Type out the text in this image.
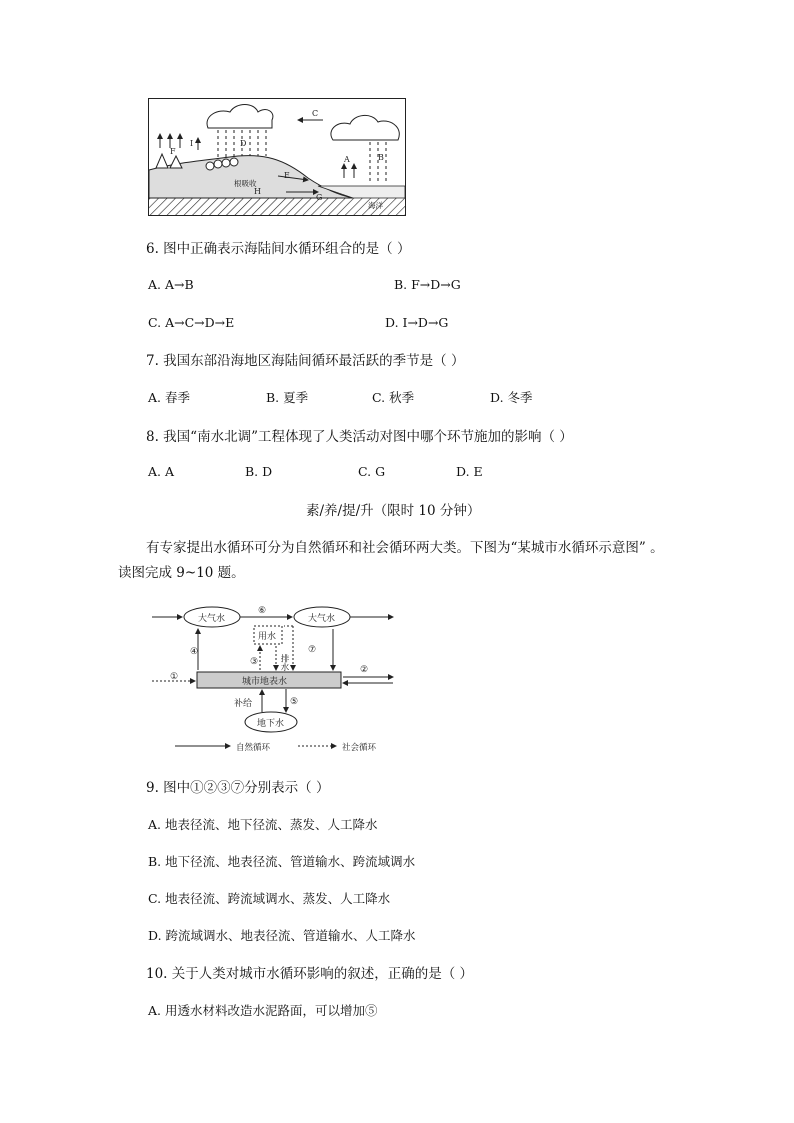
C
F
I	D
A	B
E
H
G
根吸收
海洋
6. 图中正确表示海陆间水循环组合的是（ ）
A. A→B	B. F→D→G
C. A→C→D→E	D. I→D→G
7. 我国东部沿海地区海陆间循环最活跃的季节是（ ）
A. 春季	B. 夏季	C. 秋季	D. 冬季
8. 我国“南水北调”工程体现了人类活动对图中哪个环节施加的影响（ ）
A. A	B. D	C. G	D. E
素/养/提/升（限时 10 分钟）
有专家提出水循环可分为自然循环和社会循环两大类。下图为“某城市水循环示意图” 。
读图完成 9~10 题。
大气水	大气水
用水
排水
城市地表水
地下水
补给
①
②
③
④
⑤
⑥
⑦
自然循环	社会循环
9. 图中①②③⑦分别表示（ ）
A. 地表径流、地下径流、蒸发、人工降水
B. 地下径流、地表径流、管道输水、跨流域调水
C. 地表径流、跨流域调水、蒸发、人工降水
D. 跨流域调水、地表径流、管道输水、人工降水
10. 关于人类对城市水循环影响的叙述，正确的是（ ）
A. 用透水材料改造水泥路面，可以增加⑤
